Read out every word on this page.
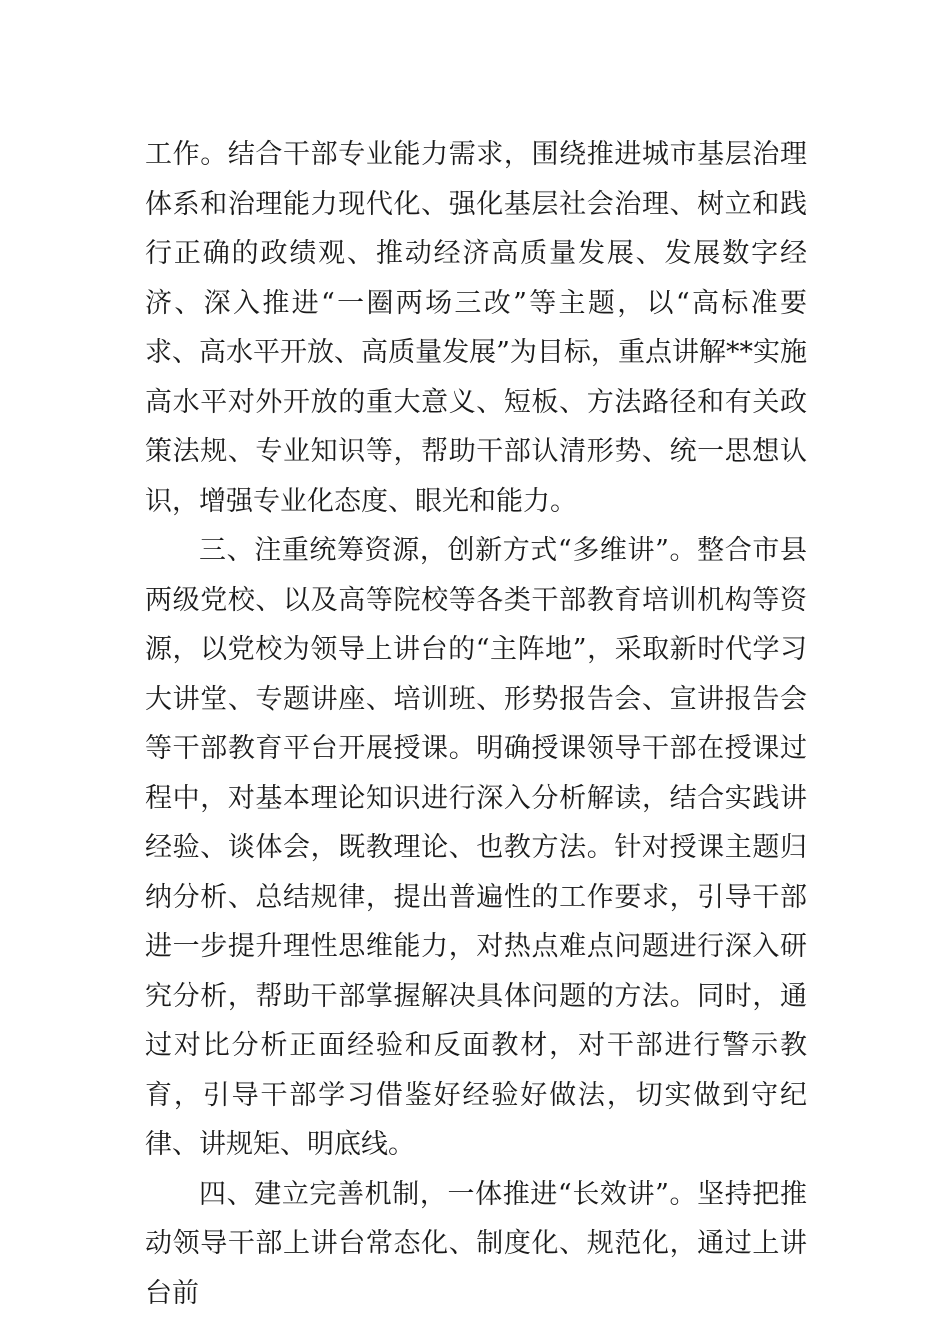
工作。结合干部专业能力需求，围绕推进城市基层治理体系和治理能力现代化、强化基层社会治理、树立和践行正确的政绩观、推动经济高质量发展、发展数字经济、深入推进“一圈两场三改”等主题，以“高标准要求、高水平开放、高质量发展”为目标，重点讲解**实施高水平对外开放的重大意义、短板、方法路径和有关政策法规、专业知识等，帮助干部认清形势、统一思想认识，增强专业化态度、眼光和能力。

三、注重统筹资源，创新方式“多维讲”。整合市县两级党校、以及高等院校等各类干部教育培训机构等资源，以党校为领导上讲台的“主阵地”，采取新时代学习大讲堂、专题讲座、培训班、形势报告会、宣讲报告会等干部教育平台开展授课。明确授课领导干部在授课过程中，对基本理论知识进行深入分析解读，结合实践讲经验、谈体会，既教理论、也教方法。针对授课主题归纳分析、总结规律，提出普遍性的工作要求，引导干部进一步提升理性思维能力，对热点难点问题进行深入研究分析，帮助干部掌握解决具体问题的方法。同时，通过对比分析正面经验和反面教材，对干部进行警示教育，引导干部学习借鉴好经验好做法，切实做到守纪律、讲规矩、明底线。

四、建立完善机制，一体推进“长效讲”。坚持把推动领导干部上讲台常态化、制度化、规范化，通过上讲台前
